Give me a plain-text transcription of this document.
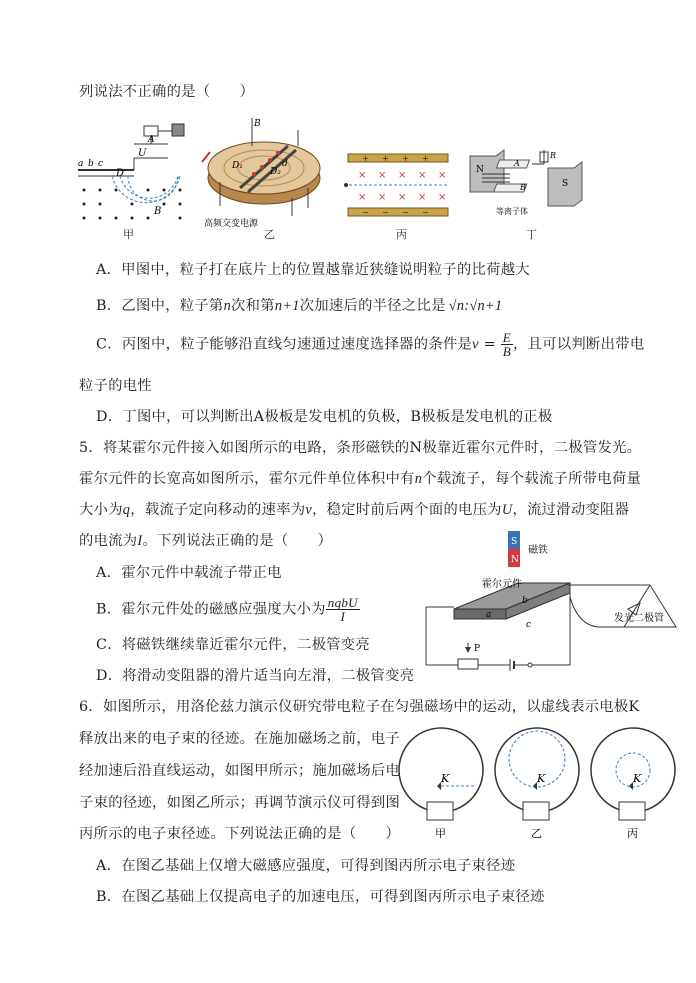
列说法不正确的是（　　）
a b c
D
U
A
B
甲
B
D₁
D₂
d
高频交变电源
乙
+ + + +
− − − −
× × × × ×
× × × × ×
丙
N
S
R
A
B
等离子体
丁
A．甲图中，粒子打在底片上的位置越靠近狭缝说明粒子的比荷越大
B．乙图中，粒子第n次和第n+1次加速后的半径之比是 √n:√n+1
C．丙图中，粒子能够沿直线匀速通过速度选择器的条件是$v = \frac{E}{B}$ ，且可以判断出带电
粒子的电性
D．丁图中，可以判断出A极板是发电机的负极，B极板是发电机的正极
5．将某霍尔元件接入如图所示的电路，条形磁铁的N极靠近霍尔元件时，二极管发光。
霍尔元件的长宽高如图所示，霍尔元件单位体积中有n个载流子，每个载流子所带电荷量
大小为q，载流子定向移动的速率为v，稳定时前后两个面的电压为U，流过滑动变阻器
的电流为I。下列说法正确的是（　　）
A．霍尔元件中载流子带正电
B．霍尔元件处的磁感应强度大小为 $\frac{\text{nqbU}}{I}$
C．将磁铁继续靠近霍尔元件，二极管变亮
D．将滑动变阻器的滑片适当向左滑，二极管变亮
S
N
磁铁
霍尔元件
b
a
c
P
发光二极管
6．如图所示，用洛伦兹力演示仪研究带电粒子在匀强磁场中的运动，以虚线表示电极K
释放出来的电子束的径迹。在施加磁场之前，电子
经加速后沿直线运动，如图甲所示；施加磁场后电
子束的径迹，如图乙所示；再调节演示仪可得到图
丙所示的电子束径迹。下列说法正确的是（　　）
K
甲
K
乙
K
丙
A．在图乙基础上仅增大磁感应强度，可得到图丙所示电子束径迹
B．在图乙基础上仅提高电子的加速电压，可得到图丙所示电子束径迹
